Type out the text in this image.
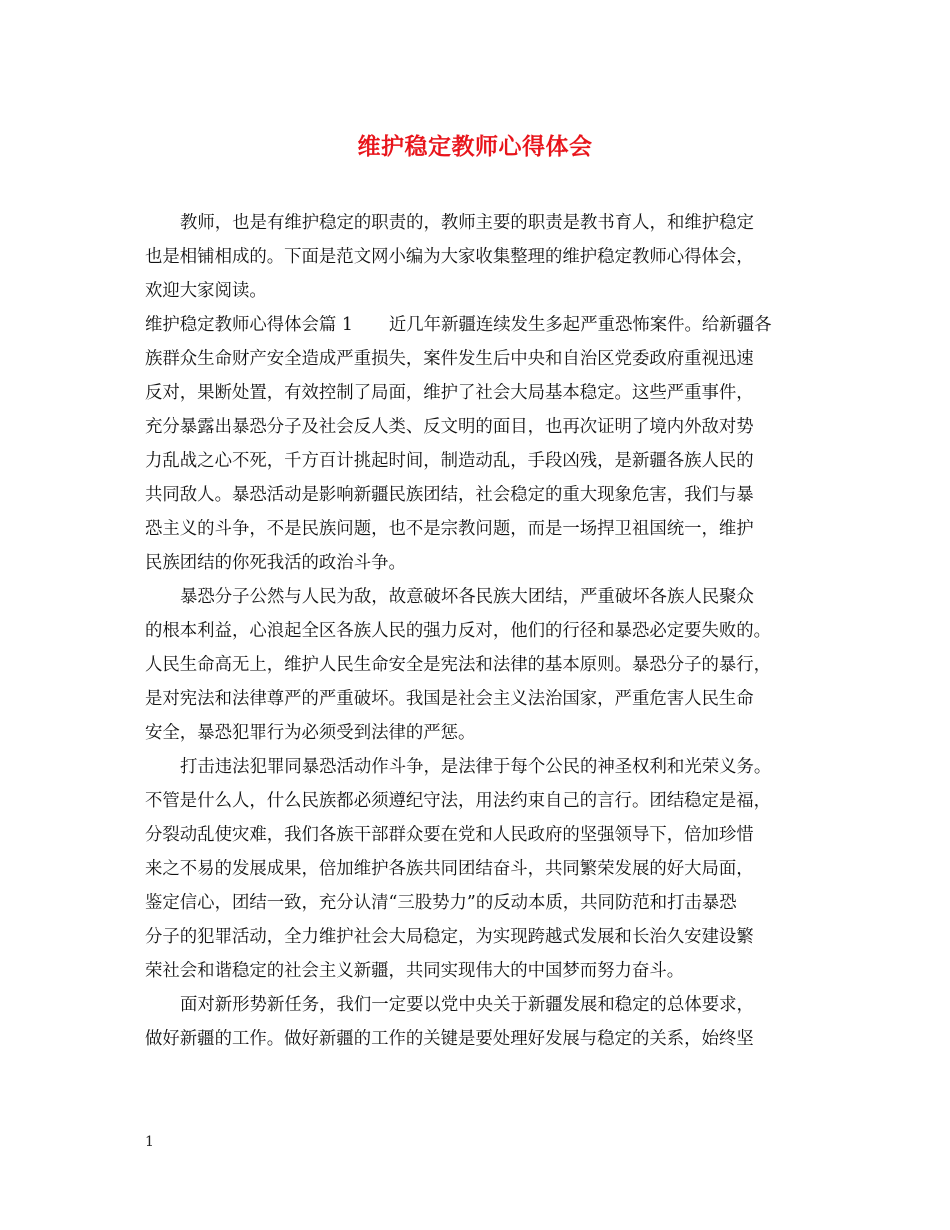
维护稳定教师心得体会
教师，也是有维护稳定的职责的，教师主要的职责是教书育人，和维护稳定
也是相铺相成的。下面是范文网小编为大家收集整理的维护稳定教师心得体会，
欢迎大家阅读。
维护稳定教师心得体会篇 1 近几年新疆连续发生多起严重恐怖案件。给新疆各
族群众生命财产安全造成严重损失，案件发生后中央和自治区党委政府重视迅速
反对，果断处置，有效控制了局面，维护了社会大局基本稳定。这些严重事件，
充分暴露出暴恐分子及社会反人类、反文明的面目，也再次证明了境内外敌对势
力乱战之心不死，千方百计挑起时间，制造动乱，手段凶残，是新疆各族人民的
共同敌人。暴恐活动是影响新疆民族团结，社会稳定的重大现象危害，我们与暴
恐主义的斗争，不是民族问题，也不是宗教问题，而是一场捍卫祖国统一，维护
民族团结的你死我活的政治斗争。
暴恐分子公然与人民为敌，故意破坏各民族大团结，严重破坏各族人民聚众
的根本利益，心浪起全区各族人民的强力反对，他们的行径和暴恐必定要失败的。
人民生命高无上，维护人民生命安全是宪法和法律的基本原则。暴恐分子的暴行，
是对宪法和法律尊严的严重破坏。我国是社会主义法治国家，严重危害人民生命
安全，暴恐犯罪行为必须受到法律的严惩。
打击违法犯罪同暴恐活动作斗争，是法律于每个公民的神圣权利和光荣义务。
不管是什么人，什么民族都必须遵纪守法，用法约束自己的言行。团结稳定是福，
分裂动乱使灾难，我们各族干部群众要在党和人民政府的坚强领导下，倍加珍惜
来之不易的发展成果，倍加维护各族共同团结奋斗，共同繁荣发展的好大局面，
鉴定信心，团结一致，充分认清“三股势力”的反动本质，共同防范和打击暴恐
分子的犯罪活动，全力维护社会大局稳定，为实现跨越式发展和长治久安建设繁
荣社会和谐稳定的社会主义新疆，共同实现伟大的中国梦而努力奋斗。
面对新形势新任务，我们一定要以党中央关于新疆发展和稳定的总体要求，
做好新疆的工作。做好新疆的工作的关键是要处理好发展与稳定的关系，始终坚
1
